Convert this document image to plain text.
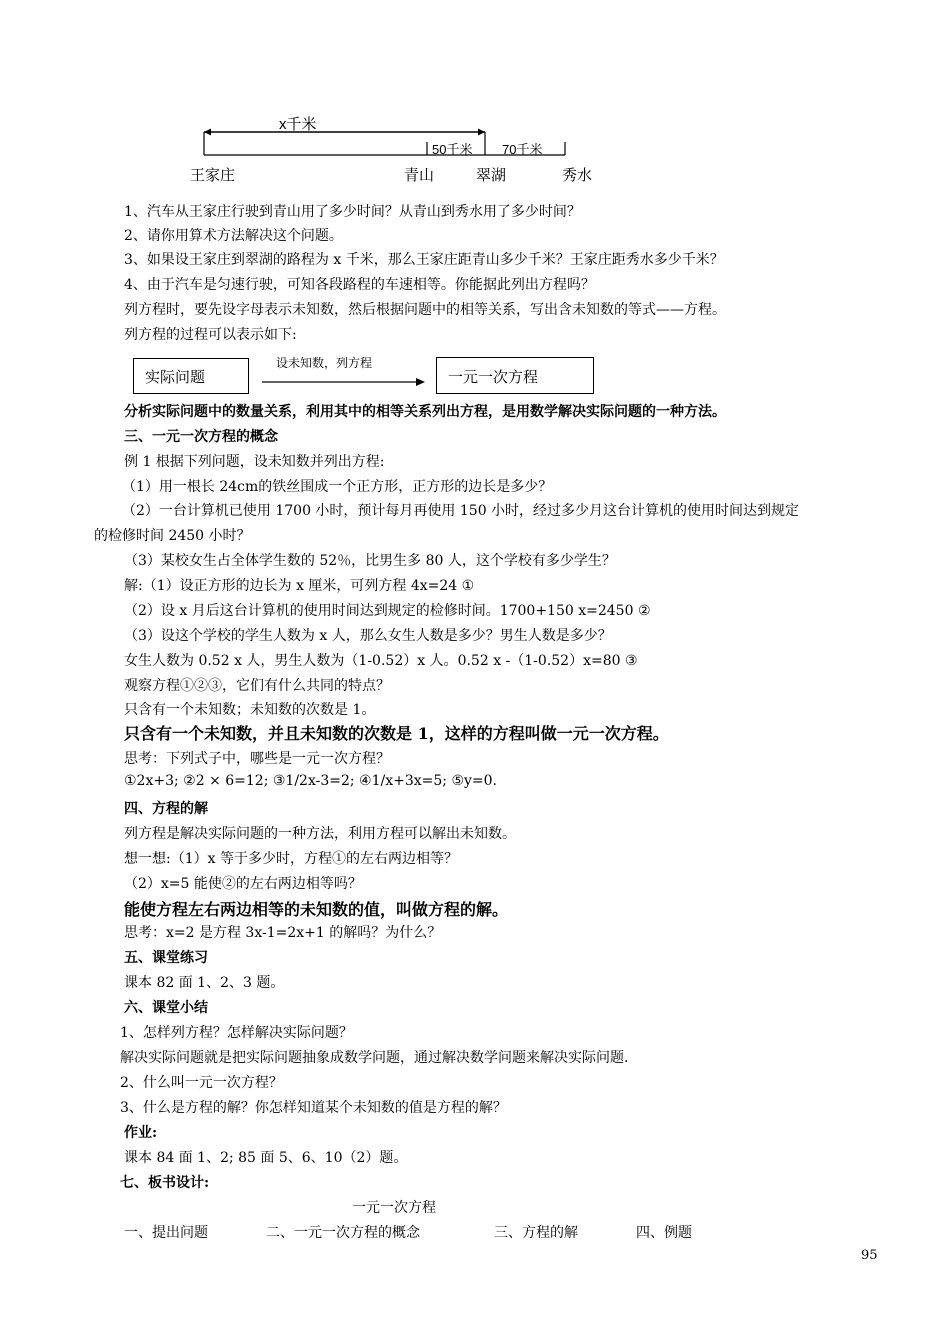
x千米
50千米 70千米
王家庄	青山	翠湖	秀水
1、汽车从王家庄行驶到青山用了多少时间？从青山到秀水用了多少时间？
2、请你用算术方法解决这个问题。
3、如果设王家庄到翠湖的路程为 x 千米，那么王家庄距青山多少千米？王家庄距秀水多少千米？
4、由于汽车是匀速行驶，可知各段路程的车速相等。你能据此列出方程吗？
列方程时，要先设字母表示未知数，然后根据问题中的相等关系，写出含未知数的等式——方程。
列方程的过程可以表示如下:
实际问题
设未知数，列方程
一元一次方程
分析实际问题中的数量关系，利用其中的相等关系列出方程，是用数学解决实际问题的一种方法。
三、一元一次方程的概念
例 1 根据下列问题，设未知数并列出方程:
（1）用一根长 24cm的铁丝围成一个正方形，正方形的边长是多少？
（2）一台计算机已使用 1700 小时，预计每月再使用 150 小时，经过多少月这台计算机的使用时间达到规定
的检修时间 2450 小时？
（3）某校女生占全体学生数的 52％，比男生多 80 人，这个学校有多少学生？
解:（1）设正方形的边长为 x 厘米，可列方程 4x=24 ①
（2）设 x 月后这台计算机的使用时间达到规定的检修时间。1700+150 x=2450 ②
（3）设这个学校的学生人数为 x 人，那么女生人数是多少？男生人数是多少？
女生人数为 0.52 x 人，男生人数为（1-0.52）x 人。0.52 x -（1-0.52）x=80 ③
观察方程①②③，它们有什么共同的特点？
只含有一个未知数；未知数的次数是 1。
只含有一个未知数，并且未知数的次数是 1，这样的方程叫做一元一次方程。
思考：下列式子中，哪些是一元一次方程？
①2x+3; ②2 × 6=12; ③1/2x-3=2; ④1/x+3x=5; ⑤y=0.
四、方程的解
列方程是解决实际问题的一种方法，利用方程可以解出未知数。
想一想:（1）x 等于多少时，方程①的左右两边相等？
（2）x=5 能使②的左右两边相等吗？
能使方程左右两边相等的未知数的值，叫做方程的解。
思考：x=2 是方程 3x-1=2x+1 的解吗？为什么？
五、课堂练习
课本 82 面 1、2、3 题。
六、课堂小结
1、怎样列方程？怎样解决实际问题？
解决实际问题就是把实际问题抽象成数学问题，通过解决数学问题来解决实际问题.
2、什么叫一元一次方程？
3、什么是方程的解？你怎样知道某个未知数的值是方程的解？
作业:
课本 84 面 1、2; 85 面 5、6、10（2）题。
七、板书设计:
一元一次方程
一、提出问题	二、一元一次方程的概念	三、方程的解	四、例题
95
